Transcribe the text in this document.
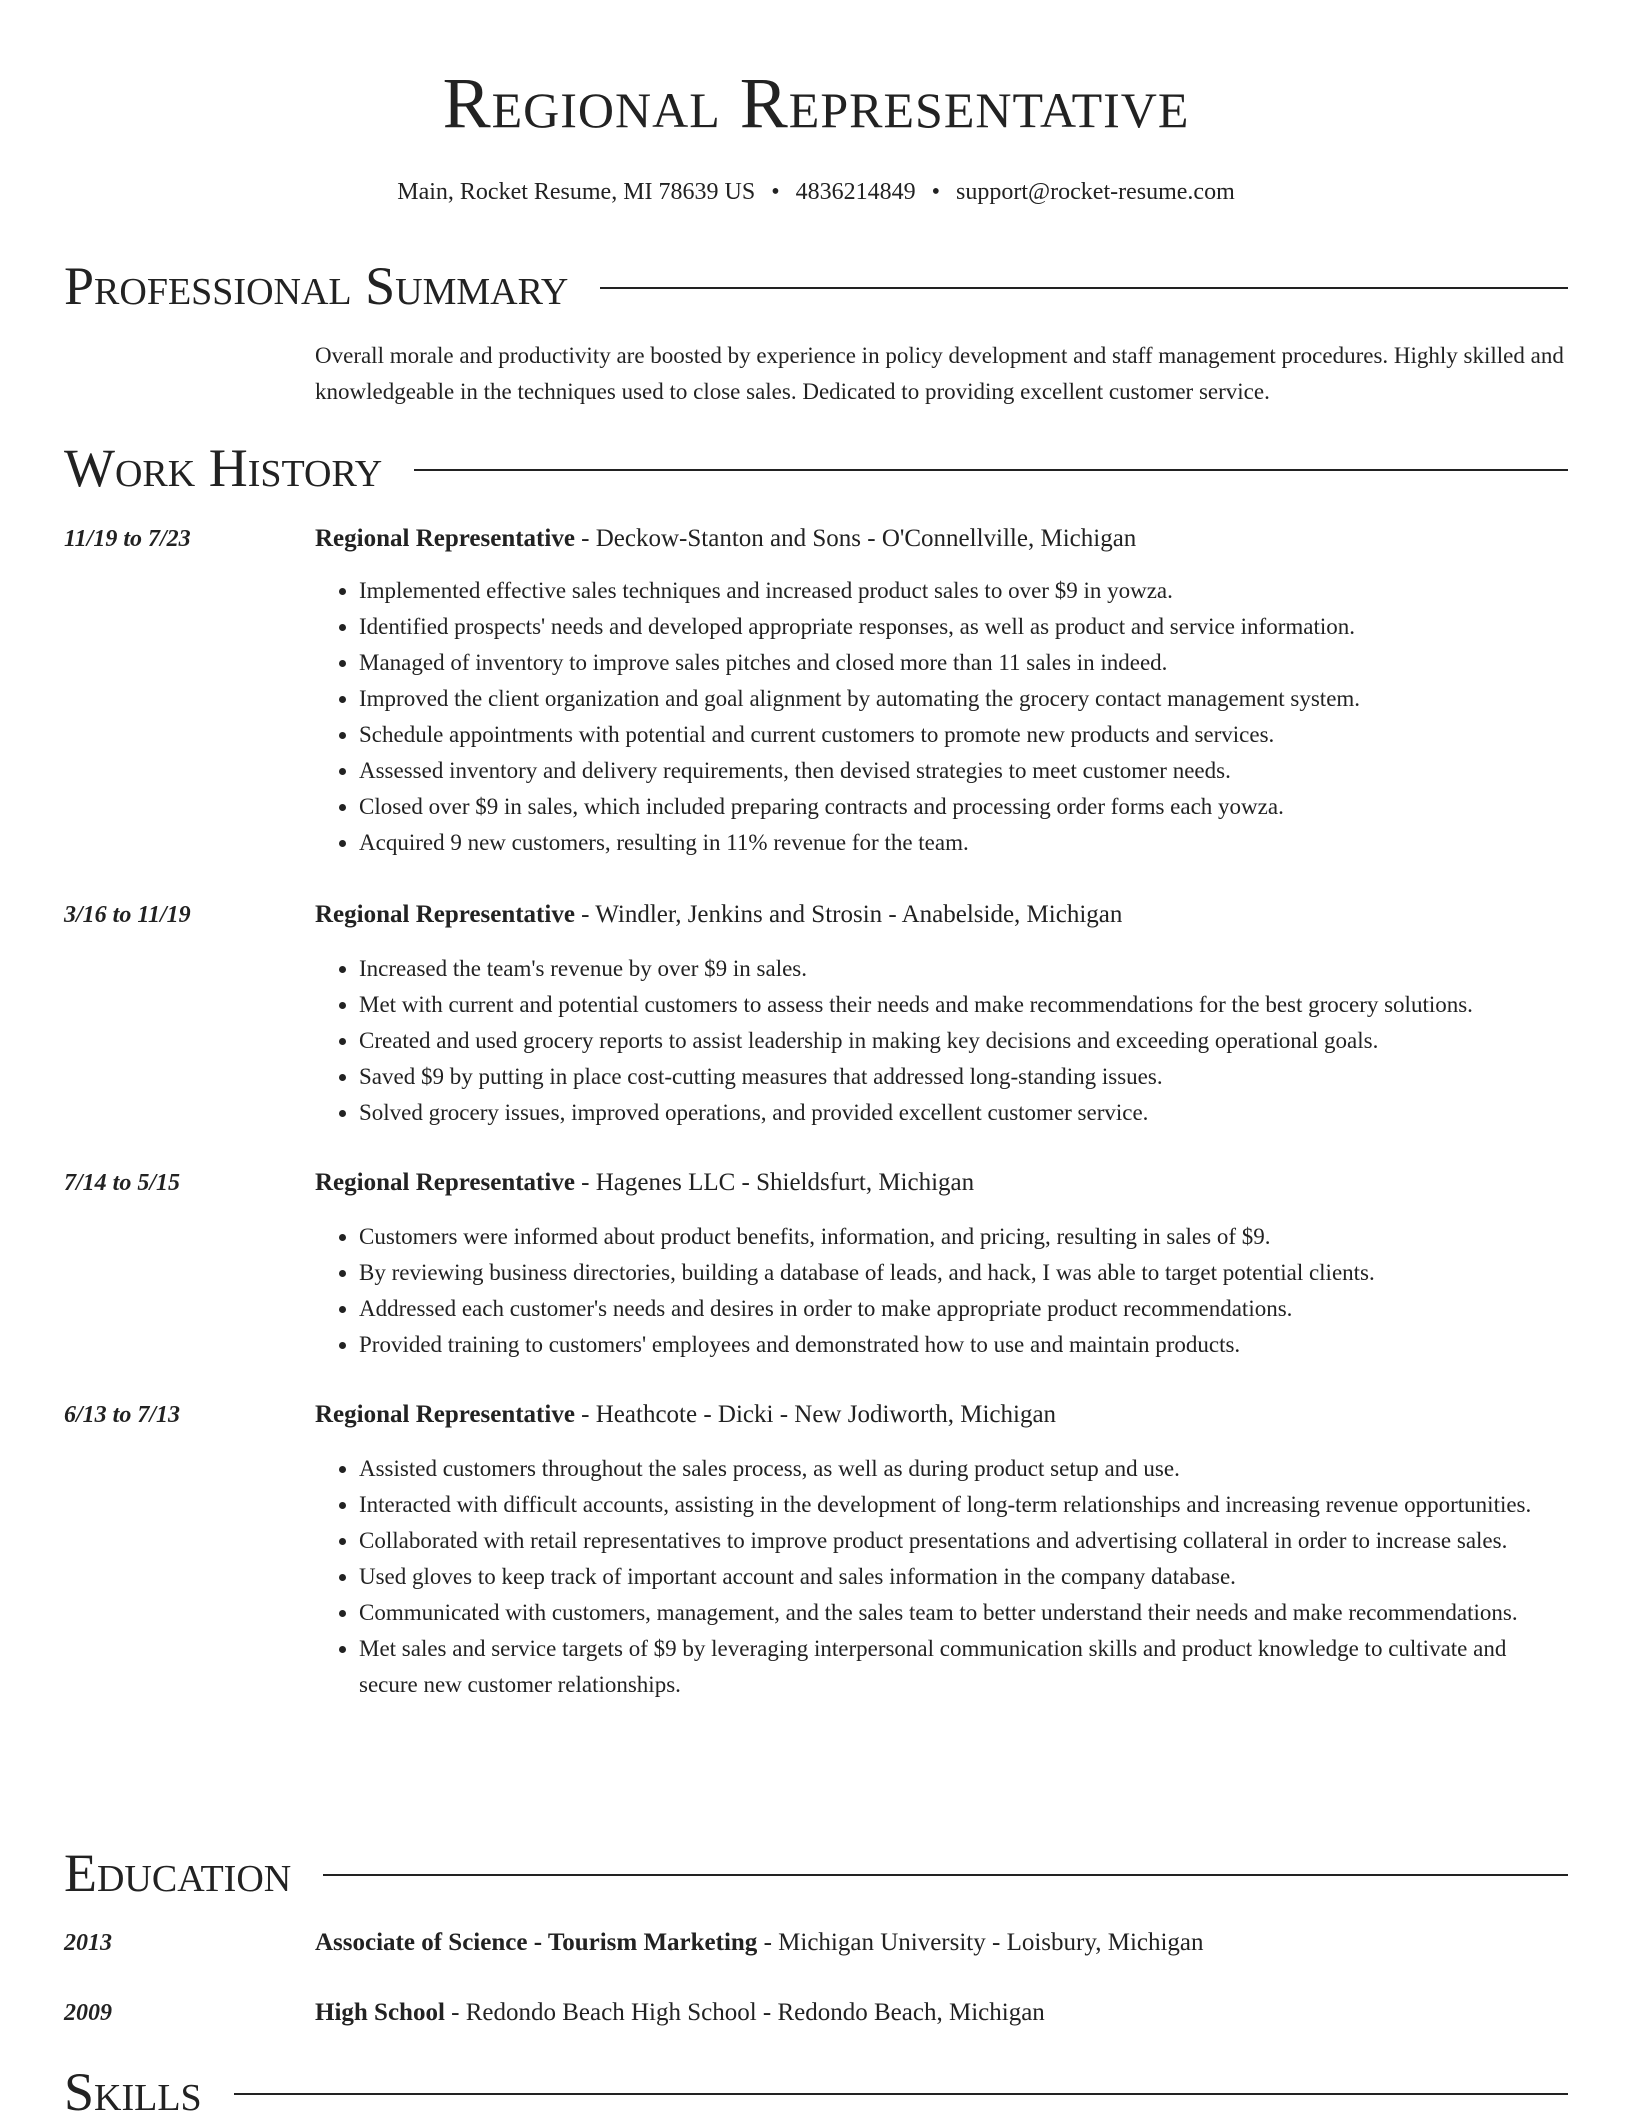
Regional Representative
Main, Rocket Resume, MI 78639 US • 4836214849 • support@rocket-resume.com
Professional Summary
Overall morale and productivity are boosted by experience in policy development and staff management procedures. Highly skilled and knowledgeable in the techniques used to close sales. Dedicated to providing excellent customer service.
Work History
11/19 to 7/23	Regional Representative - Deckow-Stanton and Sons - O'Connellville, Michigan
• Implemented effective sales techniques and increased product sales to over $9 in yowza.
• Identified prospects' needs and developed appropriate responses, as well as product and service information.
• Managed of inventory to improve sales pitches and closed more than 11 sales in indeed.
• Improved the client organization and goal alignment by automating the grocery contact management system.
• Schedule appointments with potential and current customers to promote new products and services.
• Assessed inventory and delivery requirements, then devised strategies to meet customer needs.
• Closed over $9 in sales, which included preparing contracts and processing order forms each yowza.
• Acquired 9 new customers, resulting in 11% revenue for the team.
3/16 to 11/19	Regional Representative - Windler, Jenkins and Strosin - Anabelside, Michigan
• Increased the team's revenue by over $9 in sales.
• Met with current and potential customers to assess their needs and make recommendations for the best grocery solutions.
• Created and used grocery reports to assist leadership in making key decisions and exceeding operational goals.
• Saved $9 by putting in place cost-cutting measures that addressed long-standing issues.
• Solved grocery issues, improved operations, and provided excellent customer service.
7/14 to 5/15	Regional Representative - Hagenes LLC - Shieldsfurt, Michigan
• Customers were informed about product benefits, information, and pricing, resulting in sales of $9.
• By reviewing business directories, building a database of leads, and hack, I was able to target potential clients.
• Addressed each customer's needs and desires in order to make appropriate product recommendations.
• Provided training to customers' employees and demonstrated how to use and maintain products.
6/13 to 7/13	Regional Representative - Heathcote - Dicki - New Jodiworth, Michigan
• Assisted customers throughout the sales process, as well as during product setup and use.
• Interacted with difficult accounts, assisting in the development of long-term relationships and increasing revenue opportunities.
• Collaborated with retail representatives to improve product presentations and advertising collateral in order to increase sales.
• Used gloves to keep track of important account and sales information in the company database.
• Communicated with customers, management, and the sales team to better understand their needs and make recommendations.
• Met sales and service targets of $9 by leveraging interpersonal communication skills and product knowledge to cultivate and secure new customer relationships.
Education
2013	Associate of Science - Tourism Marketing - Michigan University - Loisbury, Michigan
2009	High School - Redondo Beach High School - Redondo Beach, Michigan
Skills
